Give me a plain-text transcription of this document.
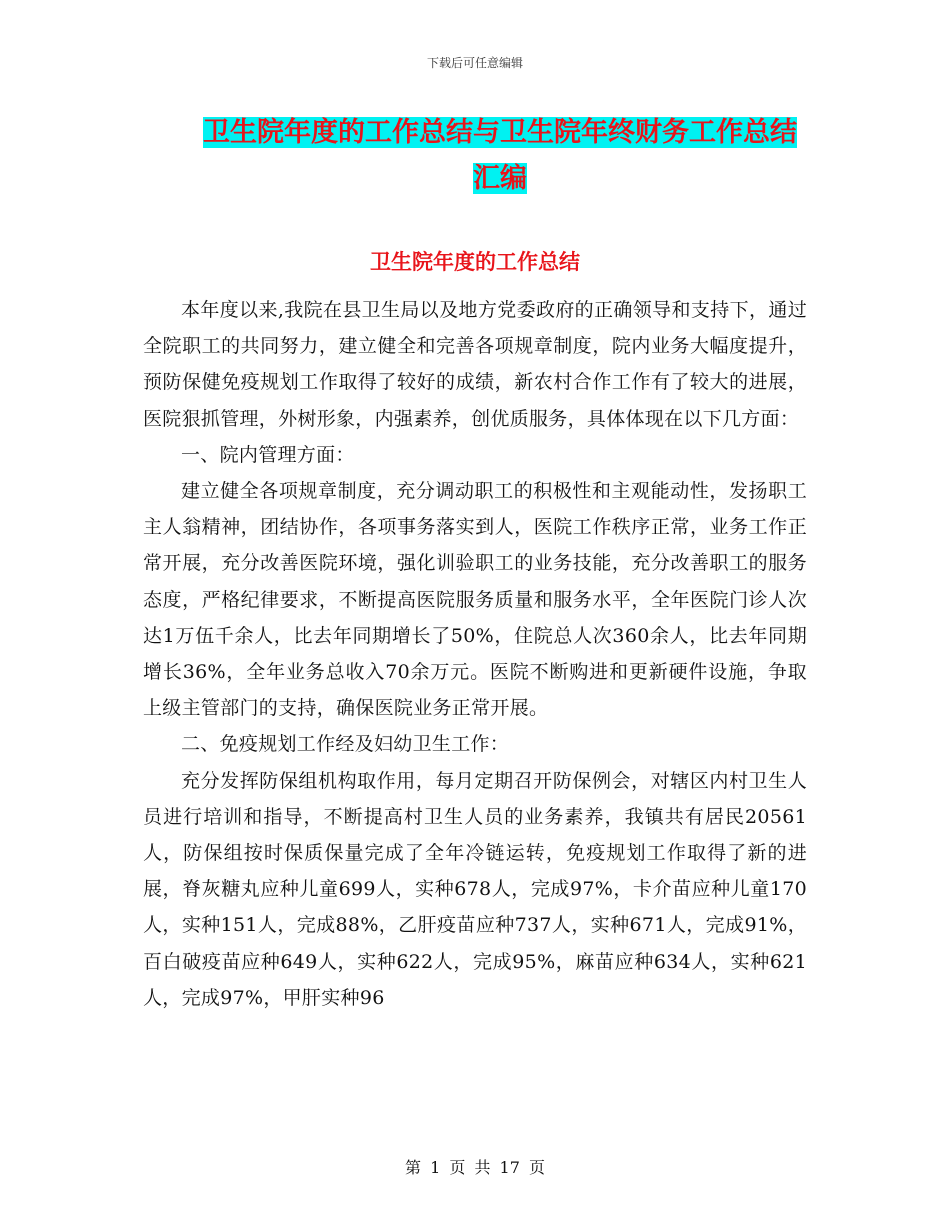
下载后可任意编辑
卫生院年度的工作总结与卫生院年终财务工作总结汇编
卫生院年度的工作总结

本年度以来,我院在县卫生局以及地方党委政府的正确领导和支持下，通过全院职工的共同努力，建立健全和完善各项规章制度，院内业务大幅度提升，预防保健免疫规划工作取得了较好的成绩，新农村合作工作有了较大的进展，医院狠抓管理，外树形象，内强素养，创优质服务，具体体现在以下几方面：

一、院内管理方面：

建立健全各项规章制度，充分调动职工的积极性和主观能动性，发扬职工主人翁精神，团结协作，各项事务落实到人，医院工作秩序正常，业务工作正常开展，充分改善医院环境，强化训验职工的业务技能，充分改善职工的服务态度，严格纪律要求，不断提高医院服务质量和服务水平，全年医院门诊人次达1万伍千余人，比去年同期增长了50%，住院总人次360余人，比去年同期增长36%，全年业务总收入70余万元。医院不断购进和更新硬件设施，争取上级主管部门的支持，确保医院业务正常开展。

二、免疫规划工作经及妇幼卫生工作：

充分发挥防保组机构取作用，每月定期召开防保例会，对辖区内村卫生人员进行培训和指导，不断提高村卫生人员的业务素养，我镇共有居民20561人，防保组按时保质保量完成了全年冷链运转，免疫规划工作取得了新的进展，脊灰糖丸应种儿童699人，实种678人，完成97%，卡介苗应种儿童170人，实种151人，完成88%，乙肝疫苗应种737人，实种671人，完成91%，百白破疫苗应种649人，实种622人，完成95%，麻苗应种634人，实种621人，完成97%，甲肝实种96

第 1 页 共 17 页
